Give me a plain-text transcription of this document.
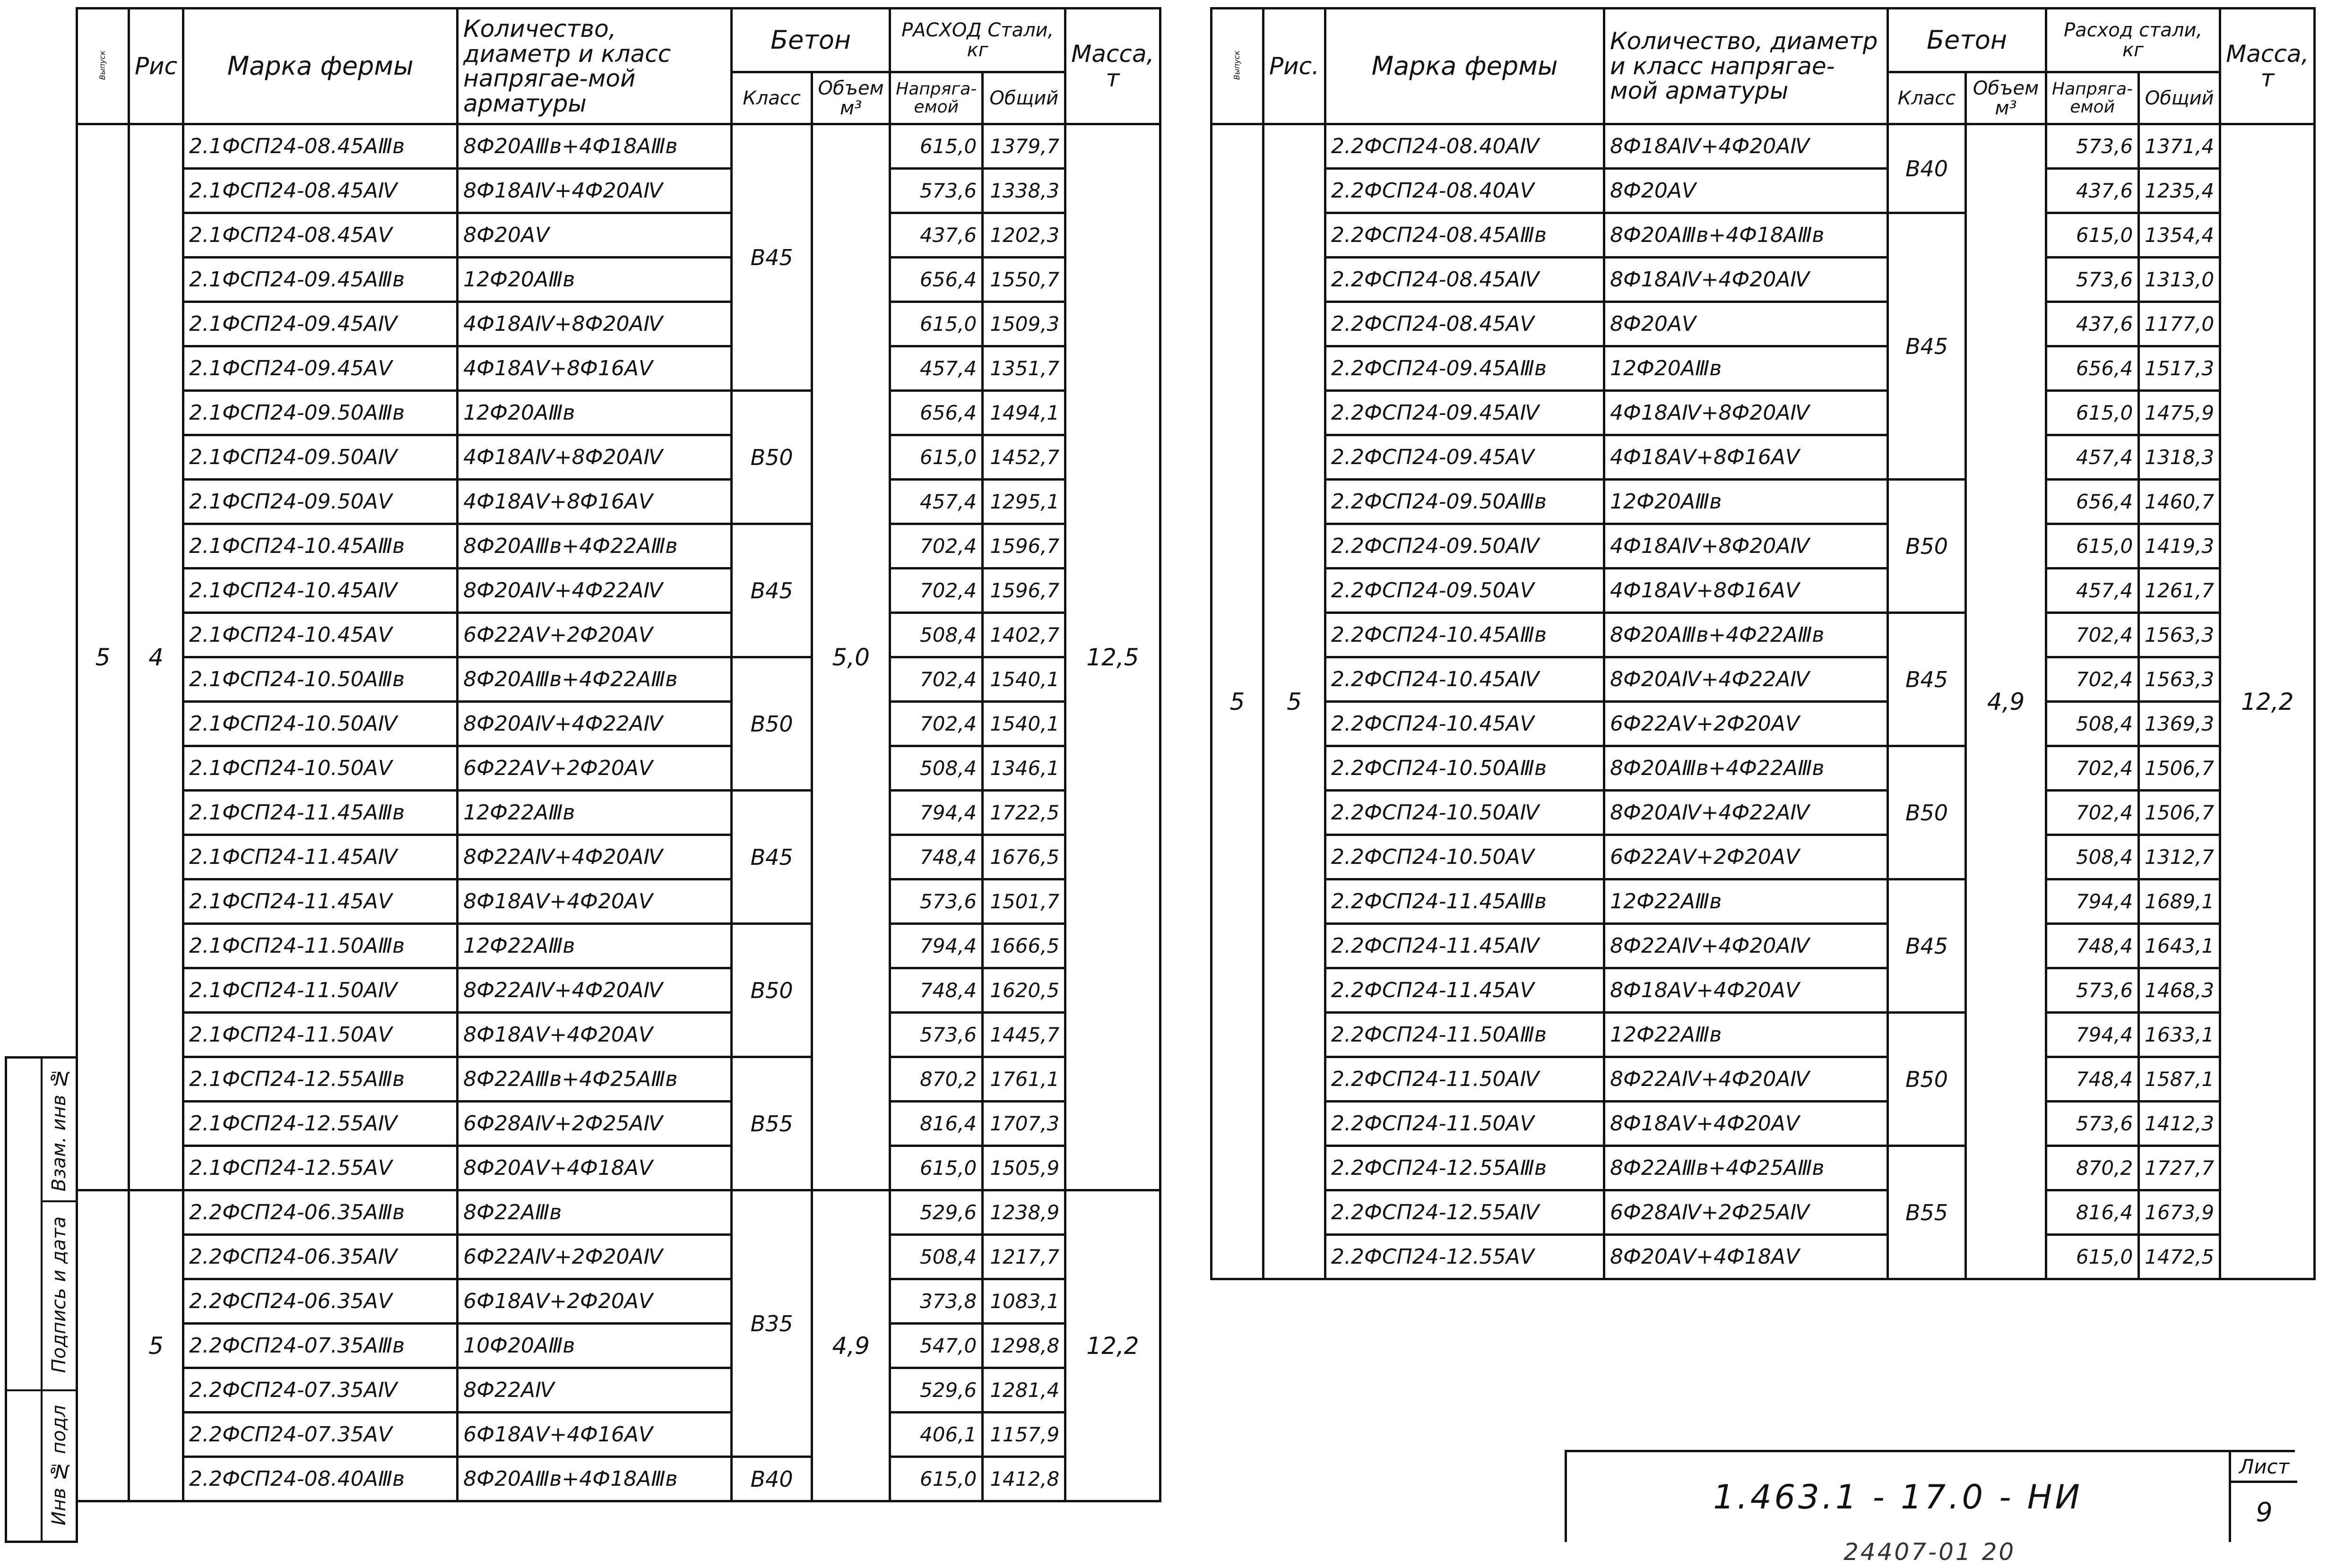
Выпуск	Рис	Марка фермы	Количество, диаметр и класс напрягае-мой арматуры	Бетон		РАСХОД Стали, кг		Масса, т
				Класс	Объем м³	Напряга-емой	Общий	
5	4	2.1ФСП24-08.45АⅢв	8Ф20АⅢв+4Ф18АⅢв	В45	5,0	615,0	1379,7	12,5
		2.1ФСП24-08.45АⅣ	8Ф18АⅣ+4Ф20АⅣ			573,6	1338,3	
		2.1ФСП24-08.45АⅤ	8Ф20АⅤ			437,6	1202,3	
		2.1ФСП24-09.45АⅢв	12Ф20АⅢв			656,4	1550,7	
		2.1ФСП24-09.45АⅣ	4Ф18АⅣ+8Ф20АⅣ			615,0	1509,3	
		2.1ФСП24-09.45АⅤ	4Ф18АⅤ+8Ф16АⅤ			457,4	1351,7	
		2.1ФСП24-09.50АⅢв	12Ф20АⅢв	В50		656,4	1494,1	
		2.1ФСП24-09.50АⅣ	4Ф18АⅣ+8Ф20АⅣ			615,0	1452,7	
		2.1ФСП24-09.50АⅤ	4Ф18АⅤ+8Ф16АⅤ			457,4	1295,1	
		2.1ФСП24-10.45АⅢв	8Ф20АⅢв+4Ф22АⅢв	В45		702,4	1596,7	
		2.1ФСП24-10.45АⅣ	8Ф20АⅣ+4Ф22АⅣ			702,4	1596,7	
		2.1ФСП24-10.45АⅤ	6Ф22АⅤ+2Ф20АⅤ			508,4	1402,7	
		2.1ФСП24-10.50АⅢв	8Ф20АⅢв+4Ф22АⅢв	В50		702,4	1540,1	
		2.1ФСП24-10.50АⅣ	8Ф20АⅣ+4Ф22АⅣ			702,4	1540,1	
		2.1ФСП24-10.50АⅤ	6Ф22АⅤ+2Ф20АⅤ			508,4	1346,1	
		2.1ФСП24-11.45АⅢв	12Ф22АⅢв	В45		794,4	1722,5	
		2.1ФСП24-11.45АⅣ	8Ф22АⅣ+4Ф20АⅣ			748,4	1676,5	
		2.1ФСП24-11.45АⅤ	8Ф18АⅤ+4Ф20АⅤ			573,6	1501,7	
		2.1ФСП24-11.50АⅢв	12Ф22АⅢв	В50		794,4	1666,5	
		2.1ФСП24-11.50АⅣ	8Ф22АⅣ+4Ф20АⅣ			748,4	1620,5	
		2.1ФСП24-11.50АⅤ	8Ф18АⅤ+4Ф20АⅤ			573,6	1445,7	
		2.1ФСП24-12.55АⅢв	8Ф22АⅢв+4Ф25АⅢв	В55		870,2	1761,1	
		2.1ФСП24-12.55АⅣ	6Ф28АⅣ+2Ф25АⅣ			816,4	1707,3	
		2.1ФСП24-12.55АⅤ	8Ф20АⅤ+4Ф18АⅤ			615,0	1505,9	
	5	2.2ФСП24-06.35АⅢв	8Ф22АⅢв	В35	4,9	529,6	1238,9	12,2
		2.2ФСП24-06.35АⅣ	6Ф22АⅣ+2Ф20АⅣ			508,4	1217,7	
		2.2ФСП24-06.35АⅤ	6Ф18АⅤ+2Ф20АⅤ			373,8	1083,1	
		2.2ФСП24-07.35АⅢв	10Ф20АⅢв			547,0	1298,8	
		2.2ФСП24-07.35АⅣ	8Ф22АⅣ			529,6	1281,4	
		2.2ФСП24-07.35АⅤ	6Ф18АⅤ+4Ф16АⅤ			406,1	1157,9	
		2.2ФСП24-08.40АⅢв	8Ф20АⅢв+4Ф18АⅢв	В40		615,0	1412,8	
Выпуск	Рис.	Марка фермы	Количество, диаметр и класс напрягае-мой арматуры	Бетон		Расход стали, кг		Масса, т
				Класс	Объем м³	Напряга-емой	Общий	
5	5	2.2ФСП24-08.40АⅣ	8Ф18АⅣ+4Ф20АⅣ	В40	4,9	573,6	1371,4	12,2
		2.2ФСП24-08.40АⅤ	8Ф20АⅤ			437,6	1235,4	
		2.2ФСП24-08.45АⅢв	8Ф20АⅢв+4Ф18АⅢв	В45		615,0	1354,4	
		2.2ФСП24-08.45АⅣ	8Ф18АⅣ+4Ф20АⅣ			573,6	1313,0	
		2.2ФСП24-08.45АⅤ	8Ф20АⅤ			437,6	1177,0	
		2.2ФСП24-09.45АⅢв	12Ф20АⅢв			656,4	1517,3	
		2.2ФСП24-09.45АⅣ	4Ф18АⅣ+8Ф20АⅣ			615,0	1475,9	
		2.2ФСП24-09.45АⅤ	4Ф18АⅤ+8Ф16АⅤ			457,4	1318,3	
		2.2ФСП24-09.50АⅢв	12Ф20АⅢв	В50		656,4	1460,7	
		2.2ФСП24-09.50АⅣ	4Ф18АⅣ+8Ф20АⅣ			615,0	1419,3	
		2.2ФСП24-09.50АⅤ	4Ф18АⅤ+8Ф16АⅤ			457,4	1261,7	
		2.2ФСП24-10.45АⅢв	8Ф20АⅢв+4Ф22АⅢв	В45		702,4	1563,3	
		2.2ФСП24-10.45АⅣ	8Ф20АⅣ+4Ф22АⅣ			702,4	1563,3	
		2.2ФСП24-10.45АⅤ	6Ф22АⅤ+2Ф20АⅤ			508,4	1369,3	
		2.2ФСП24-10.50АⅢв	8Ф20АⅢв+4Ф22АⅢв	В50		702,4	1506,7	
		2.2ФСП24-10.50АⅣ	8Ф20АⅣ+4Ф22АⅣ			702,4	1506,7	
		2.2ФСП24-10.50АⅤ	6Ф22АⅤ+2Ф20АⅤ			508,4	1312,7	
		2.2ФСП24-11.45АⅢв	12Ф22АⅢв	В45		794,4	1689,1	
		2.2ФСП24-11.45АⅣ	8Ф22АⅣ+4Ф20АⅣ			748,4	1643,1	
		2.2ФСП24-11.45АⅤ	8Ф18АⅤ+4Ф20АⅤ			573,6	1468,3	
		2.2ФСП24-11.50АⅢв	12Ф22АⅢв	В50		794,4	1633,1	
		2.2ФСП24-11.50АⅣ	8Ф22АⅣ+4Ф20АⅣ			748,4	1587,1	
		2.2ФСП24-11.50АⅤ	8Ф18АⅤ+4Ф20АⅤ			573,6	1412,3	
		2.2ФСП24-12.55АⅢв	8Ф22АⅢв+4Ф25АⅢв	В55		870,2	1727,7	
		2.2ФСП24-12.55АⅣ	6Ф28АⅣ+2Ф25АⅣ			816,4	1673,9	
		2.2ФСП24-12.55АⅤ	8Ф20АⅤ+4Ф18АⅤ			615,0	1472,5	
Взам. инв №
Подпись и дата
Инв № подл	1.463.1 - 17.0 - НИ
Лист
9
24407-01 20
